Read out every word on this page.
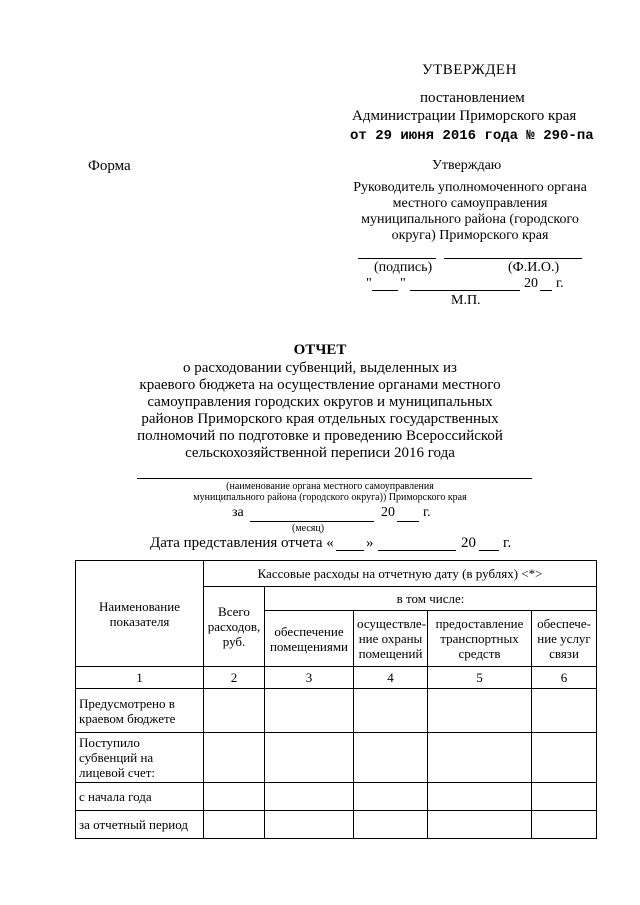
УТВЕРЖДЕН
постановлением
Администрации Приморского края
от 29 июня 2016 года № 290-па
Форма	Утверждаю
Руководитель уполномоченного органа
местного самоуправления
муниципального района (городского
округа) Приморского края
(подпись)	(Ф.И.О.)
" "	20 г.
М.П.
ОТЧЕТ
о расходовании субвенций, выделенных из
краевого бюджета на осуществление органами местного
самоуправления городских округов и муниципальных
районов Приморского края отдельных государственных
полномочий по подготовке и проведению Всероссийской
сельскохозяйственной переписи 2016 года
(наименование органа местного самоуправления
муниципального района (городского округа)) Приморского края
за	20 г.
(месяц)
Дата представления отчета « »	20 г.
Наименование показателя	Кассовые расходы на отчетную дату (в рублях) <*>				
	Всего расходов, руб.	в том числе:			
		обеспечение помещениями	осуществле-ние охраны помещений	предоставление транспортных средств	обеспече-ние услуг связи
1	2	3	4	5	6
Предусмотрено в краевом бюджете					
Поступило субвенций на лицевой счет:					
с начала года					
за отчетный период					
